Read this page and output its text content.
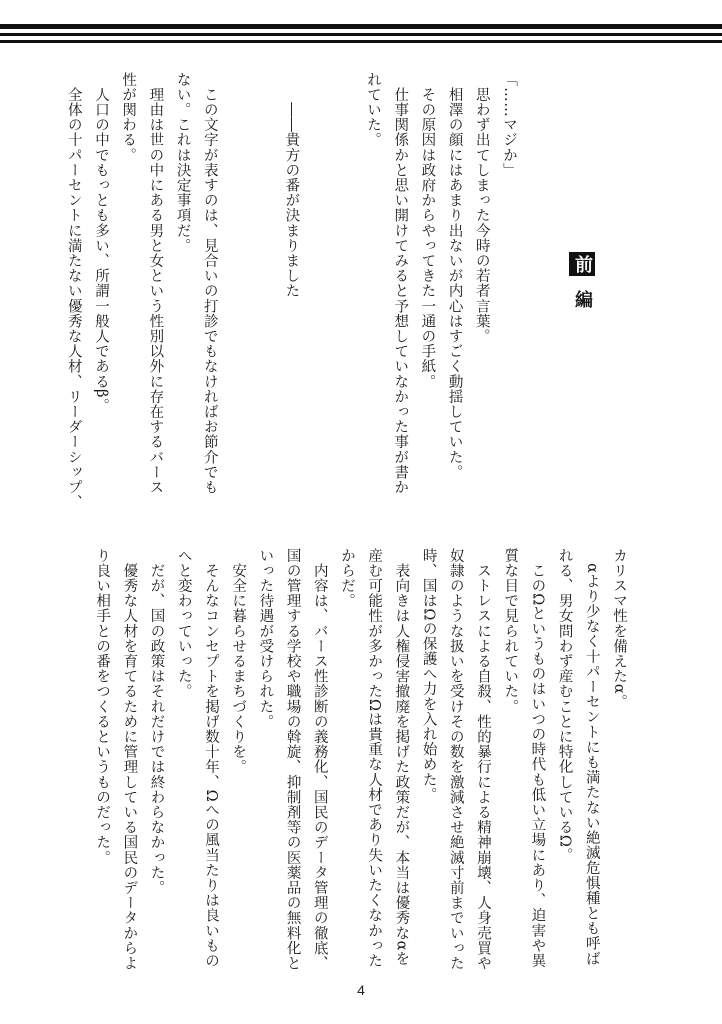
前 編
「……マジか」
　思わず出てしまった今時の若者言葉。
　相澤の顔にはあまり出ないが内心はすごく動揺していた。
　その原因は政府からやってきた一通の手紙。
　仕事関係かと思い開けてみると予想していなかった事が書か
れていた。

　　――貴方の番が決まりました

　この文字が表すのは、見合いの打診でもなければお節介でも
ない。これは決定事項だ。
　理由は世の中にある男と女という性別以外に存在するバース
性が関わる。
　人口の中でもっとも多い、所謂一般人であるβ。
　全体の十パーセントに満たない優秀な人材、リーダーシップ、
カリスマ性を備えたα。
　αより少なく十パーセントにも満たない絶滅危惧種とも呼ば
れる、男女問わず産むことに特化しているΩ。
　このΩというものはいつの時代も低い立場にあり、迫害や異
質な目で見られていた。
　ストレスによる自殺、性的暴行による精神崩壊、人身売買や
奴隷のような扱いを受けその数を激減させ絶滅寸前までいった
時、国はΩの保護へ力を入れ始めた。
　表向きは人権侵害撤廃を掲げた政策だが、本当は優秀なαを
産む可能性が多かったΩは貴重な人材であり失いたくなかった
からだ。
　内容は、バース性診断の義務化、国民のデータ管理の徹底、
国の管理する学校や職場の斡旋、抑制剤等の医薬品の無料化と
いった待遇が受けられた。
　安全に暮らせるまちづくりを。
　そんなコンセプトを掲げ数十年、Ωへの風当たりは良いもの
へと変わっていった。
　だが、国の政策はそれだけでは終わらなかった。
　優秀な人材を育てるために管理している国民のデータからよ
り良い相手との番をつくるというものだった。
4
